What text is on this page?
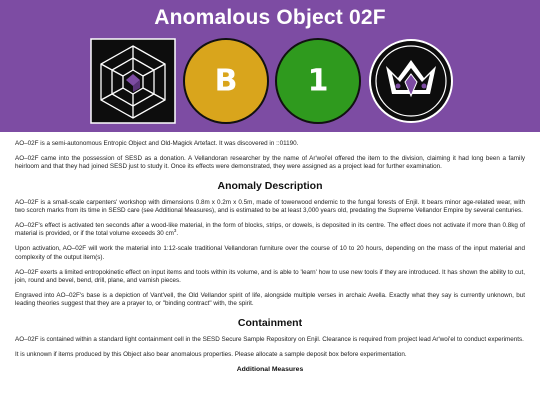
Anomalous Object 02F
B	1

AO–02F is a semi-autonomous Entropic Object and Old-Magick Artefact. It was discovered in ::01190.

AO–02F came into the possession of SESD as a donation. A Vellandoran researcher by the name of Ar'woi'el offered the item to the division, claiming it had long been a family heirloom and that they had joined SESD just to study it. Once its effects were demonstrated, they were assigned as a project lead for further examination.

Anomaly Description

AO–02F is a small-scale carpenters' workshop with dimensions 0.8m x 0.2m x 0.5m, made of towerwood endemic to the fungal forests of Enjil. It bears minor age-related wear, with two scorch marks from its time in SESD care (see Additional Measures), and is estimated to be at least 3,000 years old, predating the Supreme Vellandor Empire by several centuries.

AO–02F's effect is activated ten seconds after a wood-like material, in the form of blocks, strips, or dowels, is deposited in its centre. The effect does not activate if more than 0.8kg of material is provided, or if the total volume exceeds 30 $cm^3$.

Upon activation, AO–02F will work the material into 1:12-scale traditional Vellandoran furniture over the course of 10 to 20 hours, depending on the mass of the input material and complexity of the output item(s).

AO–02F exerts a limited entropokinetic effect on input items and tools within its volume, and is able to 'learn' how to use new tools if they are introduced. It has shown the ability to cut, join, round and bevel, bend, drill, plane, and varnish pieces.

Engraved into AO–02F's base is a depiction of Vant'vell, the Old Vellandor spirit of life, alongside multiple verses in archaic Avella. Exactly what they say is currently unknown, but leading theories suggest that they are a prayer to, or "binding contract" with, the spirit.

Containment

AO–02F is contained within a standard light containment cell in the SESD Secure Sample Repository on Enjil. Clearance is required from project lead Ar'woi'el to conduct experiments.

It is unknown if items produced by this Object also bear anomalous properties. Please allocate a sample deposit box before experimentation.

Additional Measures
